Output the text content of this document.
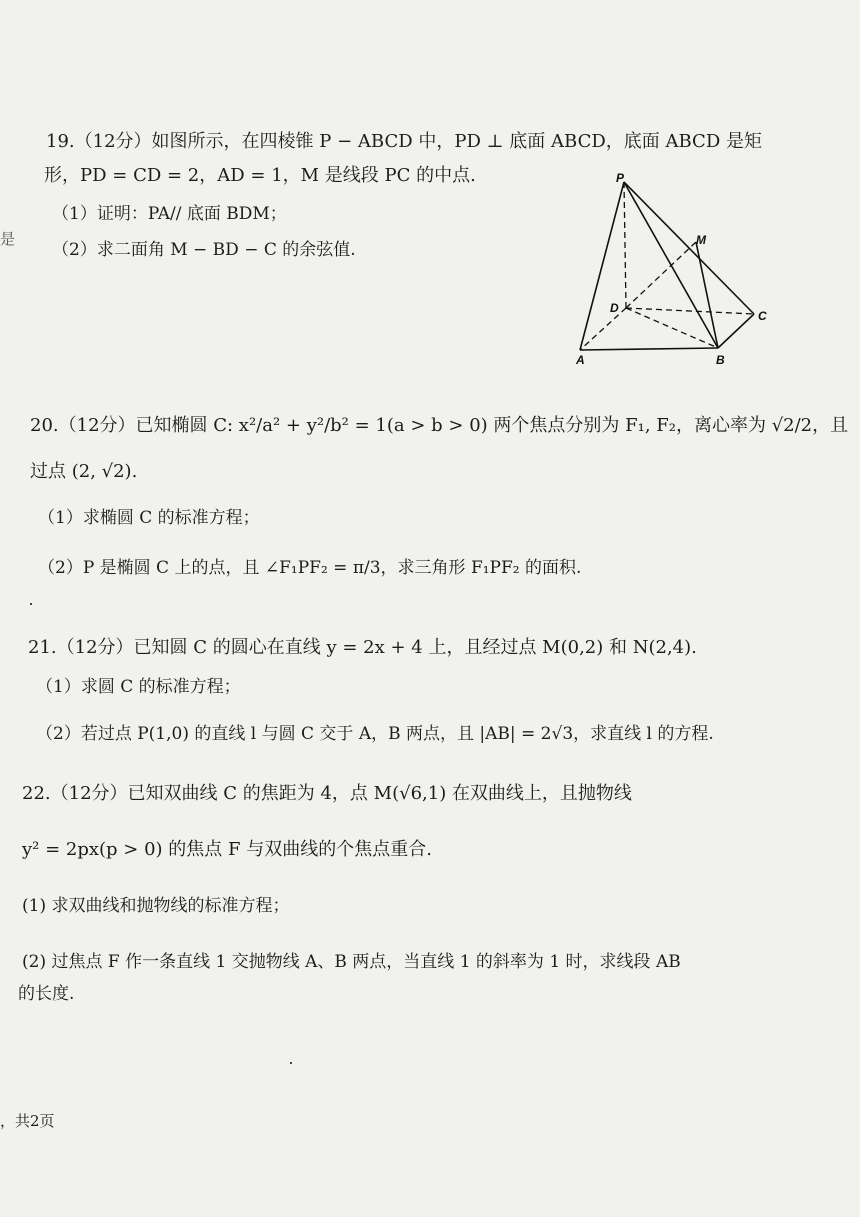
是
19.（12分）如图所示，在四棱锥 P − ABCD 中，PD ⊥ 底面 ABCD，底面 ABCD 是矩
形，PD = CD = 2，AD = 1，M 是线段 PC 的中点.
（1）证明：PA// 底面 BDM；
（2）求二面角 M − BD − C 的余弦值.
P
M
D
C
A	B
20.（12分）已知椭圆 C: x²/a² + y²/b² = 1(a > b > 0) 两个焦点分别为 F₁, F₂，离心率为 √2/2，且
过点 (2, √2).
（1）求椭圆 C 的标准方程；
（2）P 是椭圆 C 上的点，且 ∠F₁PF₂ = π/3，求三角形 F₁PF₂ 的面积.
21.（12分）已知圆 C 的圆心在直线 y = 2x + 4 上，且经过点 M(0,2) 和 N(2,4).
（1）求圆 C 的标准方程；
（2）若过点 P(1,0) 的直线 l 与圆 C 交于 A，B 两点，且 |AB| = 2√3，求直线 l 的方程.
22.（12分）已知双曲线 C 的焦距为 4，点 M(√6,1) 在双曲线上，且抛物线
y² = 2px(p > 0) 的焦点 F 与双曲线的个焦点重合.
(1) 求双曲线和抛物线的标准方程；
(2) 过焦点 F 作一条直线 1 交抛物线 A、B 两点，当直线 1 的斜率为 1 时，求线段 AB
的长度.
，共2页
